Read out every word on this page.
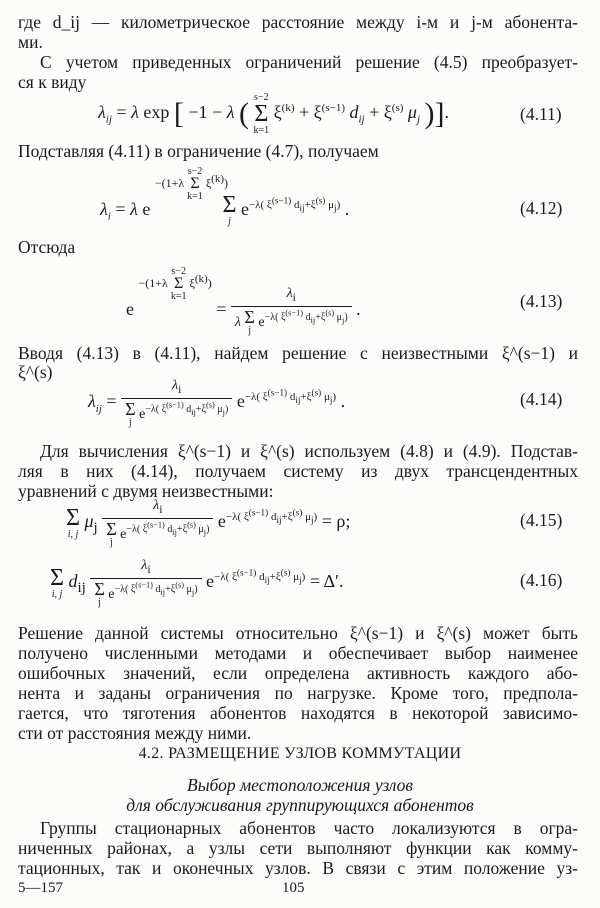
где d_ij — километрическое расстояние между i-м и j-м абонента-
ми.
С учетом приведенных ограничений решение (4.5) преобразует-
ся к виду
$\lambda_{ij} = \lambda$ exp [ −1 − λ ( s−2
Σ
k=1
$\xi^{(k)} + \xi^{(s-1)}$ $d_{ij} + \xi^{(s)}$ $\mu_j$ )].	(4.11)
Подставляя (4.11) в ограничение (4.7), получаем
$\lambda_i = \lambda$ e −(1+λ
s−2
Σ
k=1
ξ(k))
Σ
j
$e^{-\lambda( \xi^{(s-1)} d_{ij}+\xi^{(s)} \mu_j)}$ .	(4.12)
Отсюда
e $^{-(1+\lambda s-2 \Sigma k=1 \xi(k))} = \lambda_i$
λ Σ
j
$e^{-\lambda( \xi^{(s-1)} d_{ij}+\xi^{(s)} \mu_j)}$ .	(4.13)
Вводя (4.13) в (4.11), найдем решение с неизвестными ξ^(s−1) и
ξ^(s)
$\lambda_{ij} = \lambda_i$
Σ
j
$e^{-\lambda( \xi^{(s-1)} d_{ij}+\xi^{(s)} \mu_j)}$ $e^{-\lambda( \xi^{(s-1)} d_{ij}+\xi^{(s)} \mu_j)}$ .	(4.14)
Для вычисления ξ^(s−1) и ξ^(s) используем (4.8) и (4.9). Подстав-
ляя в них (4.14), получаем систему из двух трансцендентных
уравнений с двумя неизвестными:
Σ
i, j
$\mu_j$ $\lambda_i$
Σ
j
$e^{-\lambda( \xi^{(s-1)} d_{ij}+\xi^{(s)} \mu_j)}$ $e^{-\lambda( \xi^{(s-1)} d_{ij}+\xi^{(s)} \mu_j)} = \rho$;	(4.15)
Σ
i, j
$d_{ij}$ $\lambda_i$
Σ
j
$e^{-\lambda( \xi^{(s-1)} d_{ij}+\xi^{(s)} \mu_j)}$ $e^{-\lambda( \xi^{(s-1)} d_{ij}+\xi^{(s)} \mu_j)} = \Delta'$.	(4.16)
Решение данной системы относительно ξ^(s−1) и ξ^(s) может быть
получено численными методами и обеспечивает выбор наименее
ошибочных значений, если определена активность каждого або-
нента и заданы ограничения по нагрузке. Кроме того, предпола-
гается, что тяготения абонентов находятся в некоторой зависимо-
сти от расстояния между ними.
4.2. РАЗМЕЩЕНИЕ УЗЛОВ КОММУТАЦИИ
Выбор местоположения узлов
для обслуживания группирующихся абонентов
Группы стационарных абонентов часто локализуются в огра-
ниченных районах, а узлы сети выполняют функции как комму-
тационных, так и оконечных узлов. В связи с этим положение уз-
5—157	105
